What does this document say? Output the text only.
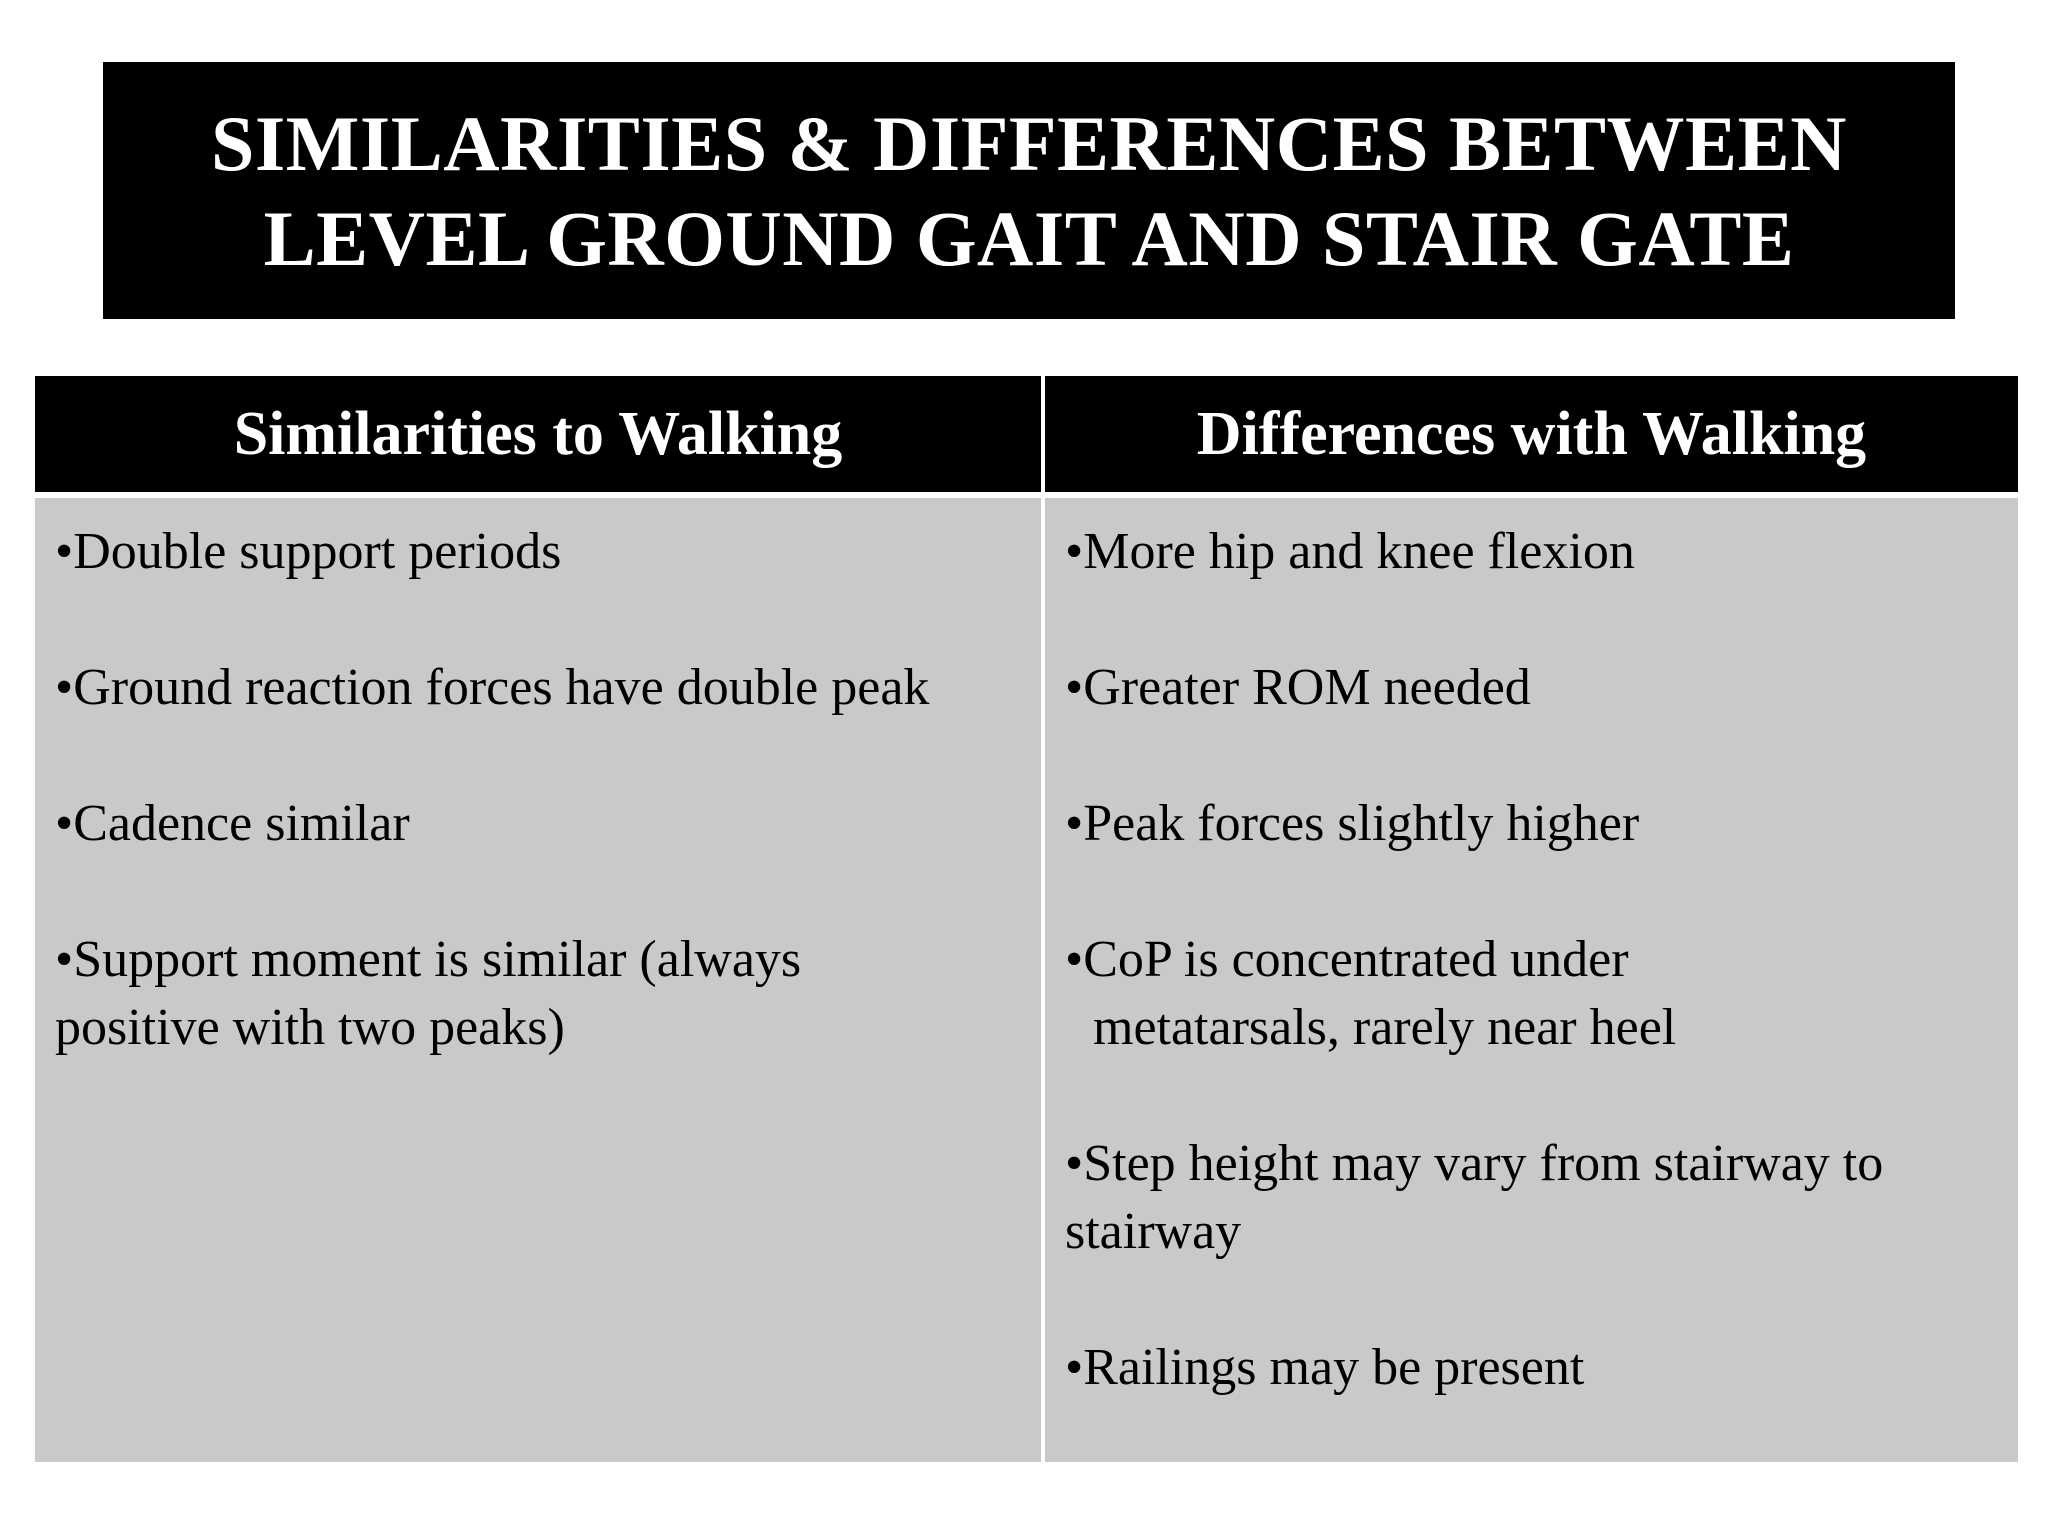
SIMILARITIES & DIFFERENCES BETWEEN
LEVEL GROUND GAIT AND STAIR GATE
Similarities to Walking	Differences with Walking
•Double support periods
•Ground reaction forces have double peak
•Cadence similar
•Support moment is similar (always
positive with two peaks)
•More hip and knee flexion
•Greater ROM needed
•Peak forces slightly higher
•CoP is concentrated under
metatarsals, rarely near heel
•Step height may vary from stairway to
stairway
•Railings may be present
